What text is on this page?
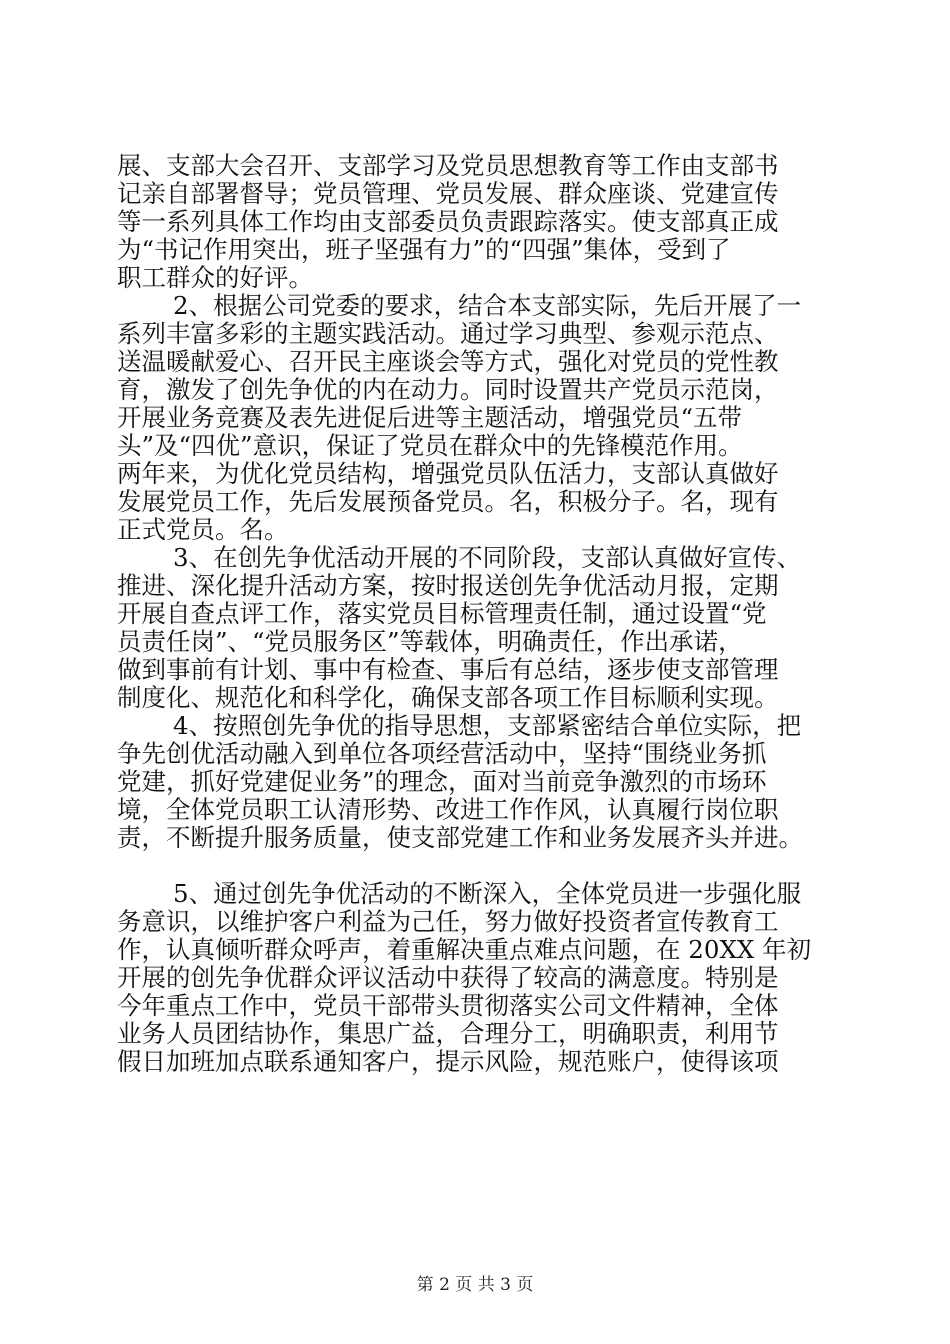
展、支部大会召开、支部学习及党员思想教育等工作由支部书
记亲自部署督导；党员管理、党员发展、群众座谈、党建宣传
等一系列具体工作均由支部委员负责跟踪落实。使支部真正成
为“书记作用突出，班子坚强有力”的“四强”集体，受到了
职工群众的好评。
2、根据公司党委的要求，结合本支部实际，先后开展了一
系列丰富多彩的主题实践活动。通过学习典型、参观示范点、
送温暖献爱心、召开民主座谈会等方式，强化对党员的党性教
育，激发了创先争优的内在动力。同时设置共产党员示范岗，
开展业务竞赛及表先进促后进等主题活动，增强党员“五带
头”及“四优”意识，保证了党员在群众中的先锋模范作用。
两年来，为优化党员结构，增强党员队伍活力，支部认真做好
发展党员工作，先后发展预备党员。名，积极分子。名，现有
正式党员。名。
3、在创先争优活动开展的不同阶段，支部认真做好宣传、
推进、深化提升活动方案，按时报送创先争优活动月报，定期
开展自查点评工作，落实党员目标管理责任制，通过设置“党
员责任岗”、“党员服务区”等载体，明确责任，作出承诺，
做到事前有计划、事中有检查、事后有总结，逐步使支部管理
制度化、规范化和科学化，确保支部各项工作目标顺利实现。
4、按照创先争优的指导思想，支部紧密结合单位实际，把
争先创优活动融入到单位各项经营活动中，坚持“围绕业务抓
党建，抓好党建促业务”的理念，面对当前竞争激烈的市场环
境，全体党员职工认清形势、改进工作作风，认真履行岗位职
责，不断提升服务质量，使支部党建工作和业务发展齐头并进。
5、通过创先争优活动的不断深入，全体党员进一步强化服
务意识，以维护客户利益为己任，努力做好投资者宣传教育工
作，认真倾听群众呼声，着重解决重点难点问题，在 20XX 年初
开展的创先争优群众评议活动中获得了较高的满意度。特别是
今年重点工作中，党员干部带头贯彻落实公司文件精神，全体
业务人员团结协作，集思广益，合理分工，明确职责，利用节
假日加班加点联系通知客户，提示风险，规范账户，使得该项
第 2 页 共 3 页
